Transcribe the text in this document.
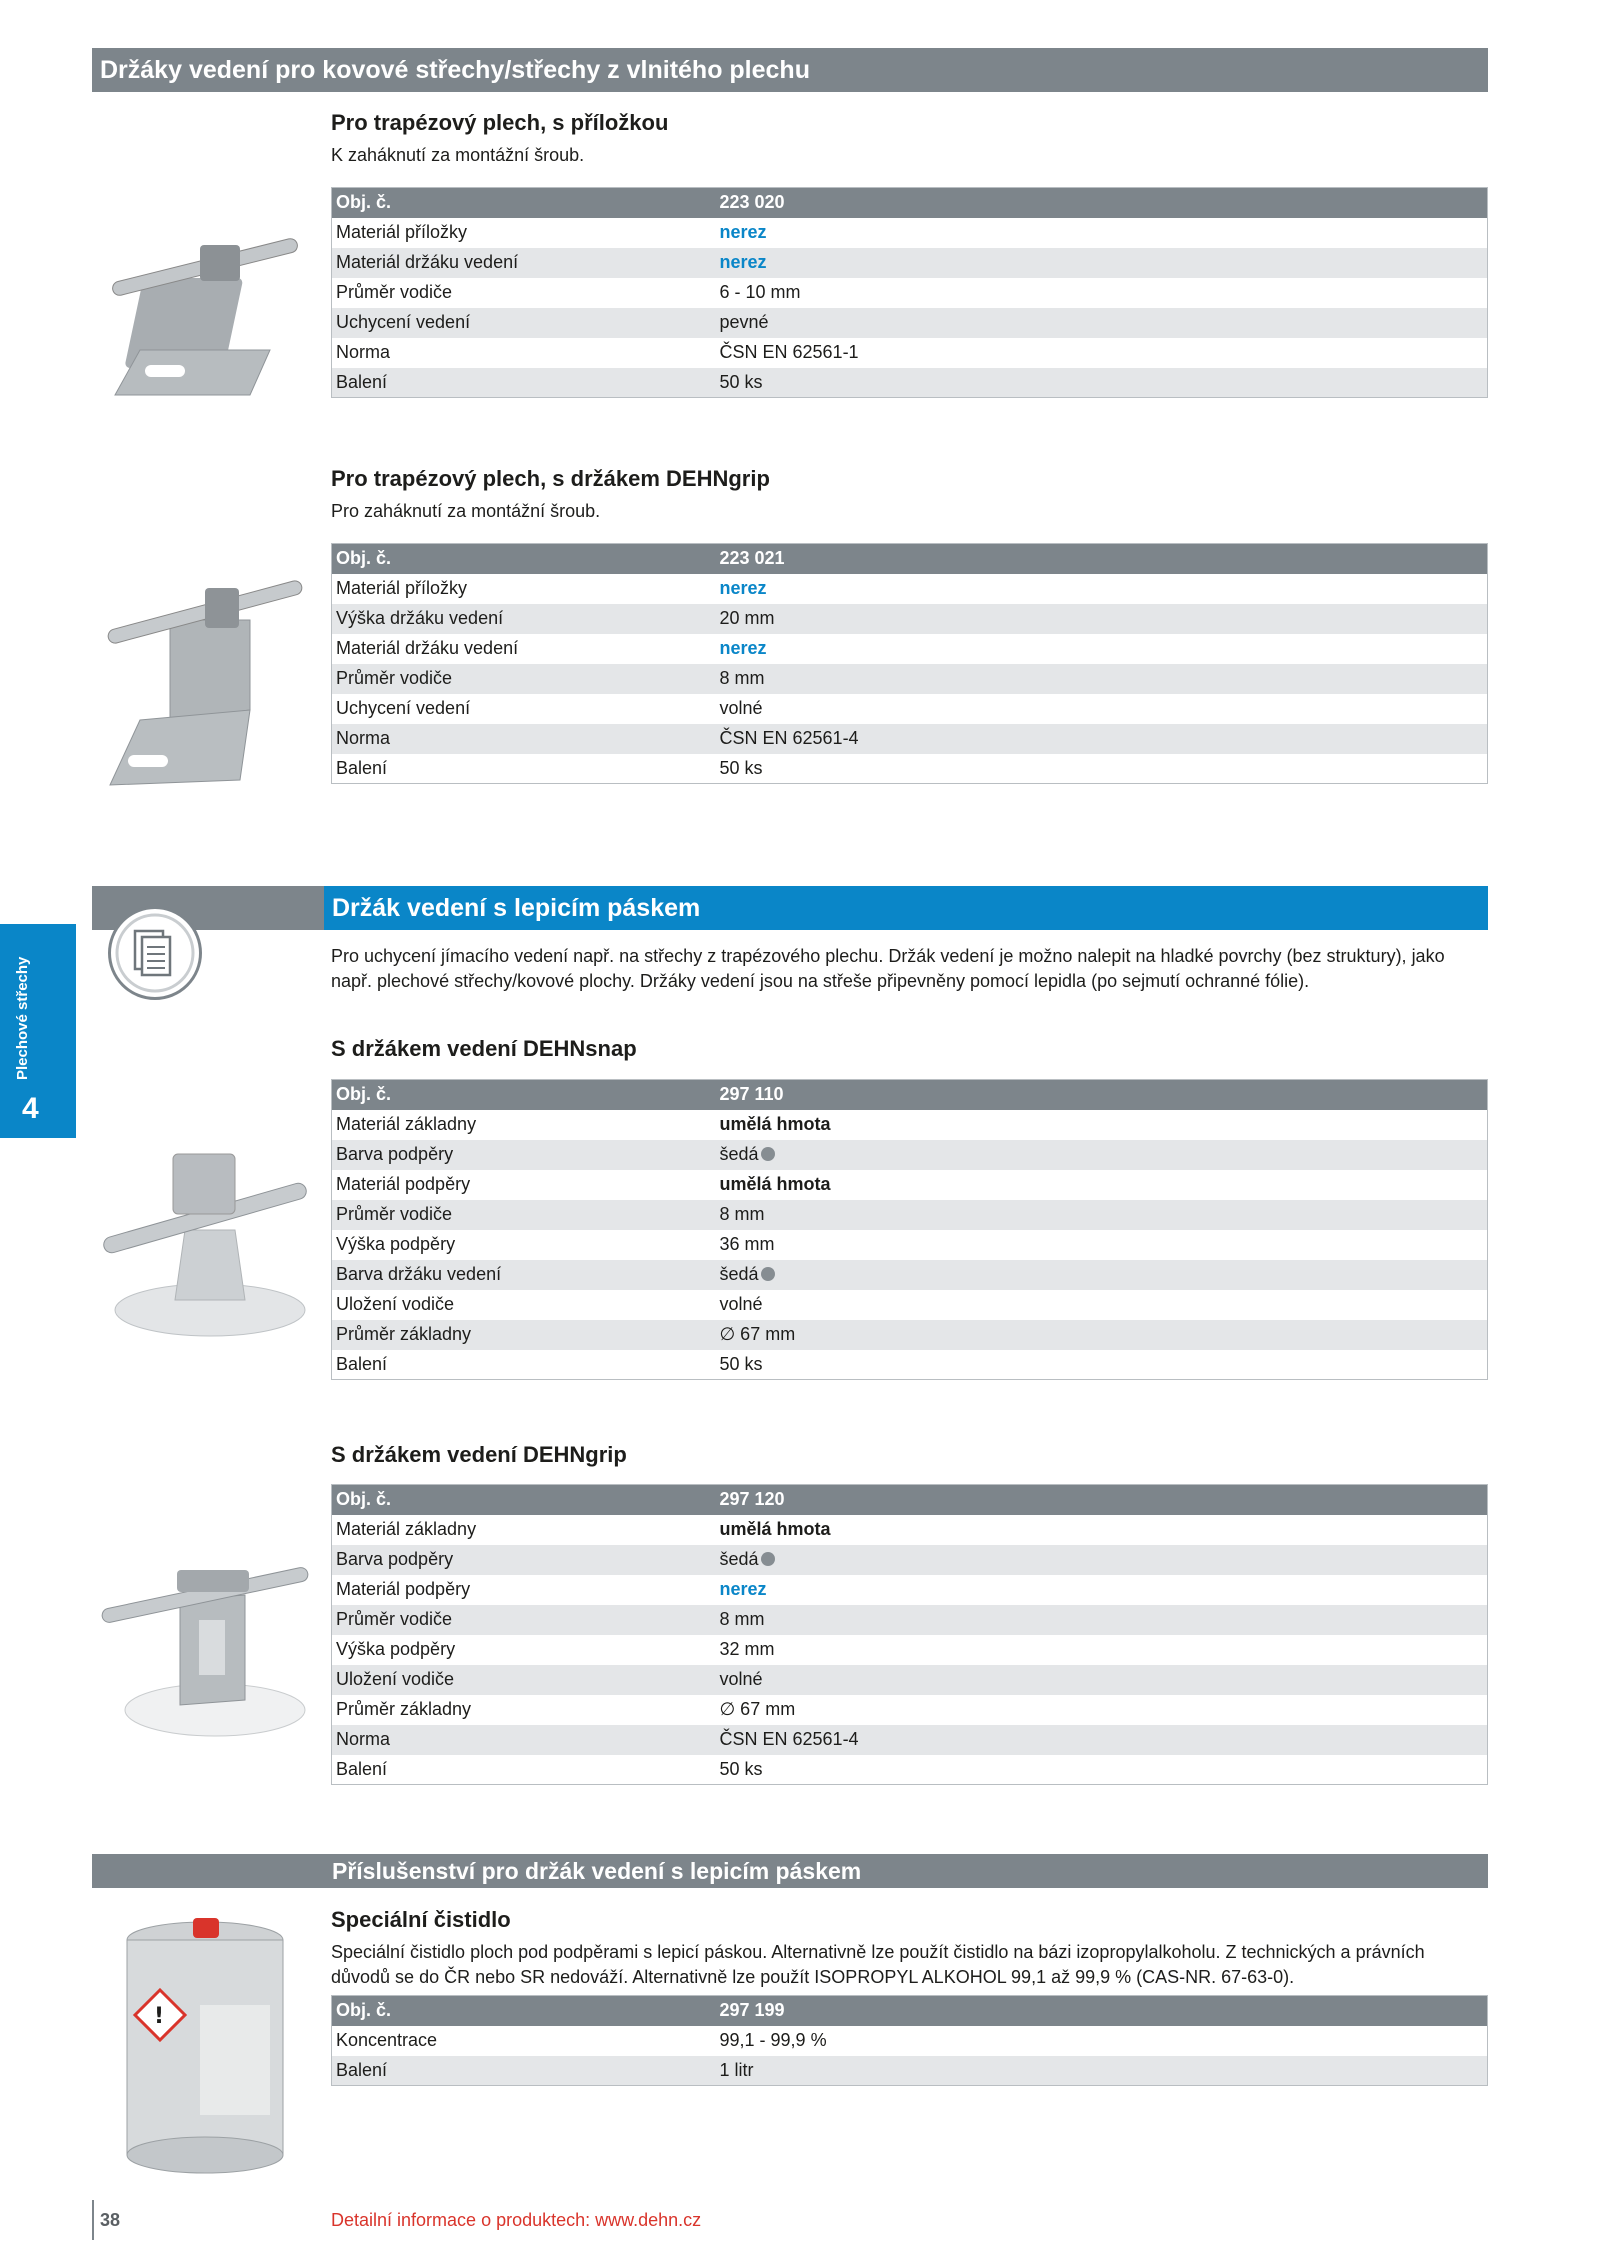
Držáky vedení pro kovové střechy/střechy z vlnitého plechu
Pro trapézový plech, s příložkou
K zaháknutí za montážní šroub.
Obj. č.	223 020
Materiál příložky	nerez
Materiál držáku vedení	nerez
Průměr vodiče	6 - 10 mm
Uchycení vedení	pevné
Norma	ČSN EN 62561-1
Balení	50 ks
Pro trapézový plech, s držákem DEHNgrip
Pro zaháknutí za montážní šroub.
Obj. č.	223 021
Materiál příložky	nerez
Výška držáku vedení	20 mm
Materiál držáku vedení	nerez
Průměr vodiče	8 mm
Uchycení vedení	volné
Norma	ČSN EN 62561-4
Balení	50 ks
Plechové střechy
4
Držák vedení s lepicím páskem
Pro uchycení jímacího vedení např. na střechy z trapézového plechu. Držák vedení je možno nalepit na hladké povrchy (bez struktury), jako např. plechové střechy/kovové plochy. Držáky vedení jsou na střeše připevněny pomocí lepidla (po sejmutí ochranné fólie).
S držákem vedení DEHNsnap
Obj. č.	297 110
Materiál základny	umělá hmota
Barva podpěry	šedá
Materiál podpěry	umělá hmota
Průměr vodiče	8 mm
Výška podpěry	36 mm
Barva držáku vedení	šedá
Uložení vodiče	volné
Průměr základny	∅ 67 mm
Balení	50 ks
S držákem vedení DEHNgrip
Obj. č.	297 120
Materiál základny	umělá hmota
Barva podpěry	šedá
Materiál podpěry	nerez
Průměr vodiče	8 mm
Výška podpěry	32 mm
Uložení vodiče	volné
Průměr základny	∅ 67 mm
Norma	ČSN EN 62561-4
Balení	50 ks
Příslušenství pro držák vedení s lepicím páskem
Speciální čistidlo
Speciální čistidlo ploch pod podpěrami s lepicí páskou. Alternativně lze použít čistidlo na bázi izopropylalkoholu. Z technických a právních důvodů se do ČR nebo SR nedováží. Alternativně lze použít ISOPROPYL ALKOHOL 99,1 až 99,9 % (CAS-NR. 67-63-0).
!	Obj. č.	297 199
Koncentrace	99,1 - 99,9 %
Balení	1 litr
38	Detailní informace o produktech: www.dehn.cz
